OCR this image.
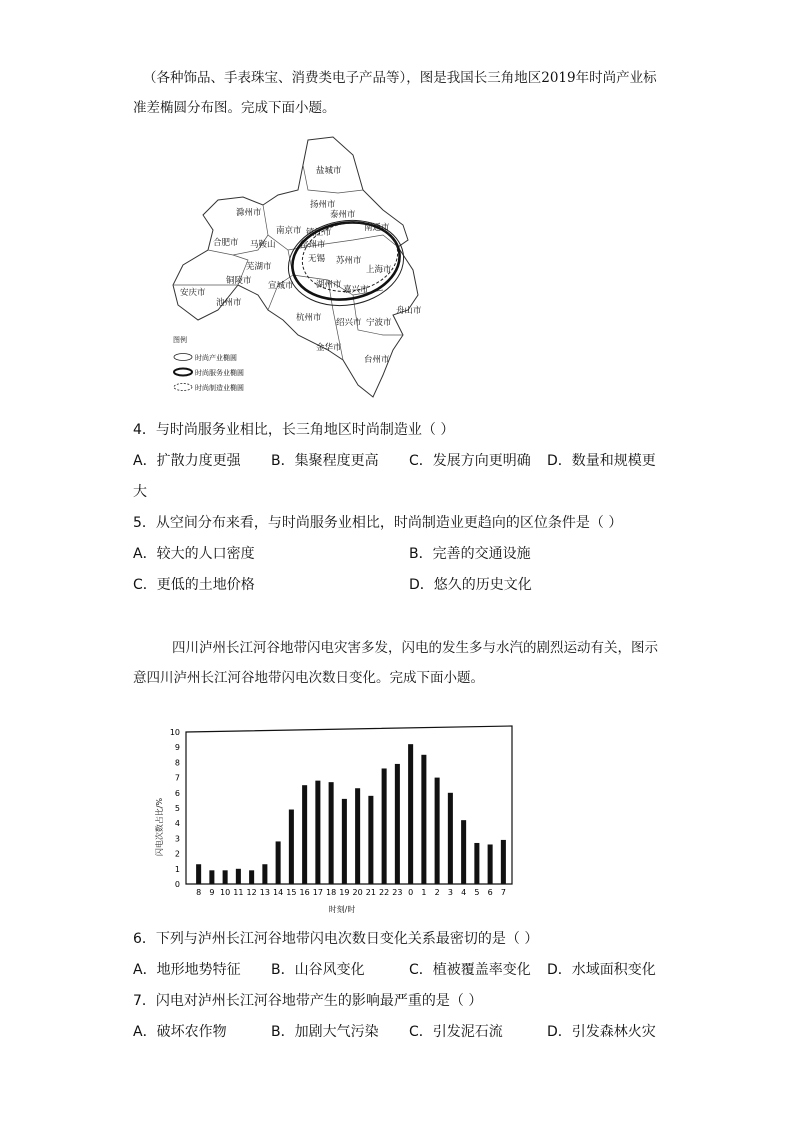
（各种饰品、手表珠宝、消费类电子产品等），图是我国长三角地区2019年时尚产业标
准差椭圆分布图。完成下面小题。
盐城市
扬州市
泰州市
南通市
滁州市
南京市 镇江市
常州市
合肥市 马鞍山
芜湖市
无锡 苏州市
上海市
铜陵市 宣城市	湖州市 嘉兴市
安庆市
池州市
杭州市 绍兴市 宁波市
舟山市
金华市
台州市
图例
时尚产业椭圆
时尚服务业椭圆
时尚制造业椭圆
4．与时尚服务业相比，长三角地区时尚制造业（ ）
A．扩散力度更强 B．集聚程度更高 C．发展方向更明确 D．数量和规模更
大
5．从空间分布来看，与时尚服务业相比，时尚制造业更趋向的区位条件是（ ）
A．较大的人口密度	B．完善的交通设施
C．更低的土地价格	D．悠久的历史文化
四川泸州长江河谷地带闪电灾害多发，闪电的发生多与水汽的剧烈运动有关，图示
意四川泸州长江河谷地带闪电次数日变化。完成下面小题。
0
1
2
3
4
5
6
7
8
9
10
8 9 10 11 12 13 14 15 16 17 18 19 20 21 22 23 0 1 2 3 4 5 6 7
闪电次数占比/%
时刻/时
6．下列与泸州长江河谷地带闪电次数日变化关系最密切的是（ ）
A．地形地势特征 B．山谷风变化	C．植被覆盖率变化 D．水域面积变化
7．闪电对泸州长江河谷地带产生的影响最严重的是（ ）
A．破坏农作物	B．加剧大气污染 C．引发泥石流	D．引发森林火灾
